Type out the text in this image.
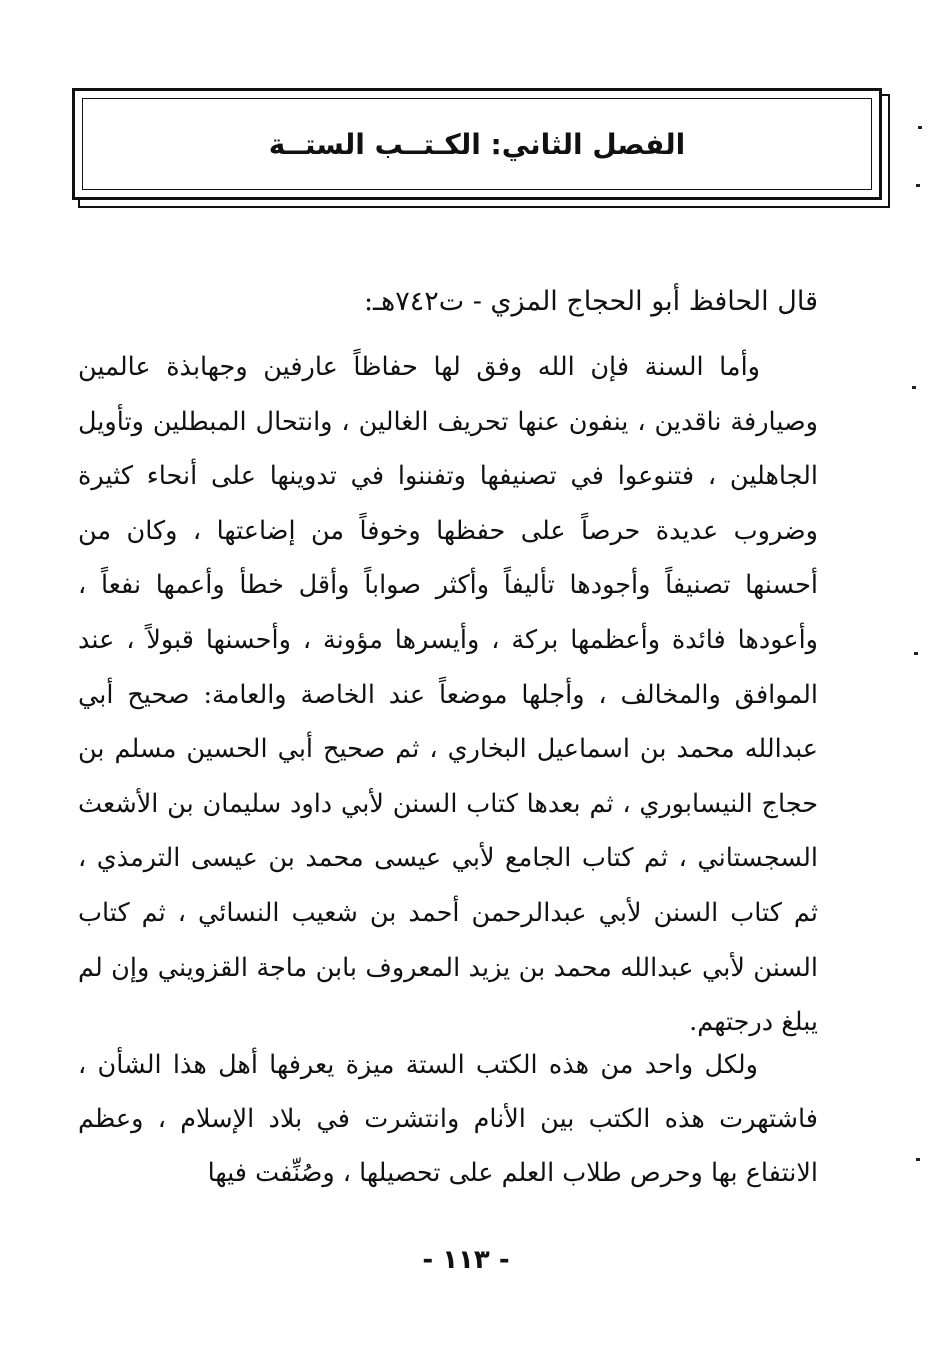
الفصل الثاني: الكـتــب الستــة
قال الحافظ أبو الحجاج المزي - ت٧٤٢هـ:
وأما السنة فإن الله وفق لها حفاظاً عارفين وجهابذة عالمين وصيارفة ناقدين ، ينفون عنها تحريف الغالين ، وانتحال المبطلين وتأويل الجاهلين ، فتنوعوا في تصنيفها وتفننوا في تدوينها على أنحاء كثيرة وضروب عديدة حرصاً على حفظها وخوفاً من إضاعتها ، وكان من أحسنها تصنيفاً وأجودها تأليفاً وأكثر صواباً وأقل خطأ وأعمها نفعاً ، وأعودها فائدة وأعظمها بركة ، وأيسرها مؤونة ، وأحسنها قبولاً ، عند الموافق والمخالف ، وأجلها موضعاً عند الخاصة والعامة: صحيح أبي عبدالله محمد بن اسماعيل البخاري ، ثم صحيح أبي الحسين مسلم بن حجاج النيسابوري ، ثم بعدها كتاب السنن لأبي داود سليمان بن الأشعث السجستاني ، ثم كتاب الجامع لأبي عيسى محمد بن عيسى الترمذي ، ثم كتاب السنن لأبي عبدالرحمن أحمد بن شعيب النسائي ، ثم كتاب السنن لأبي عبدالله محمد بن يزيد المعروف بابن ماجة القزويني وإن لم يبلغ درجتهم.
ولكل واحد من هذه الكتب الستة ميزة يعرفها أهل هذا الشأن ، فاشتهرت هذه الكتب بين الأنام وانتشرت في بلاد الإسلام ، وعظم الانتفاع بها وحرص طلاب العلم على تحصيلها ، وصُنِّفت فيها
- ١١٣ -
